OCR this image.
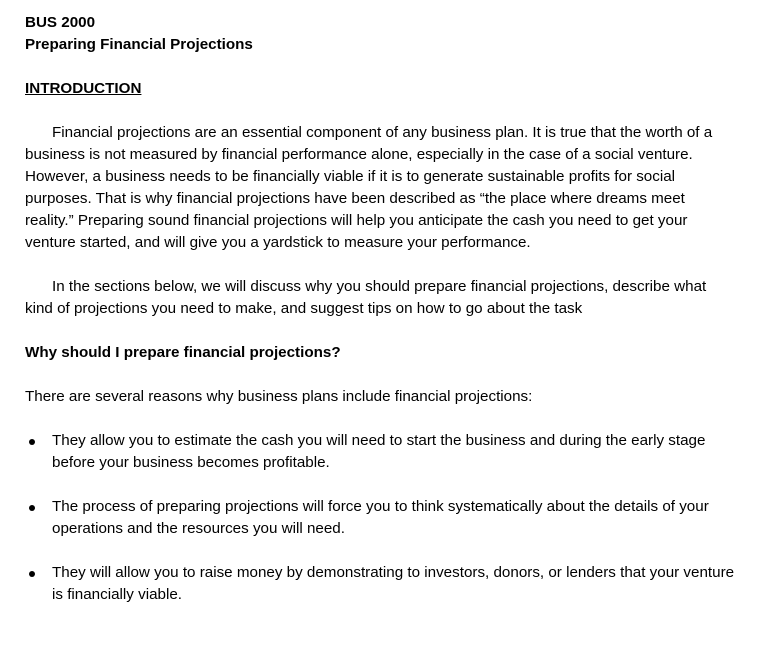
BUS 2000

Preparing Financial Projections

INTRODUCTION

Financial projections are an essential component of any business plan. It is true that the worth of a business is not measured by financial performance alone, especially in the case of a social venture. However, a business needs to be financially viable if it is to generate sustainable profits for social purposes. That is why financial projections have been described as “the place where dreams meet reality.” Preparing sound financial projections will help you anticipate the cash you need to get your venture started, and will give you a yardstick to measure your performance.

In the sections below, we will discuss why you should prepare financial projections, describe what kind of projections you need to make, and suggest tips on how to go about the task

Why should I prepare financial projections?

There are several reasons why business plans include financial projections:

They allow you to estimate the cash you will need to start the business and during the early stage before your business becomes profitable.
The process of preparing projections will force you to think systematically about the details of your operations and the resources you will need.
They will allow you to raise money by demonstrating to investors, donors, or lenders that your venture is financially viable.
